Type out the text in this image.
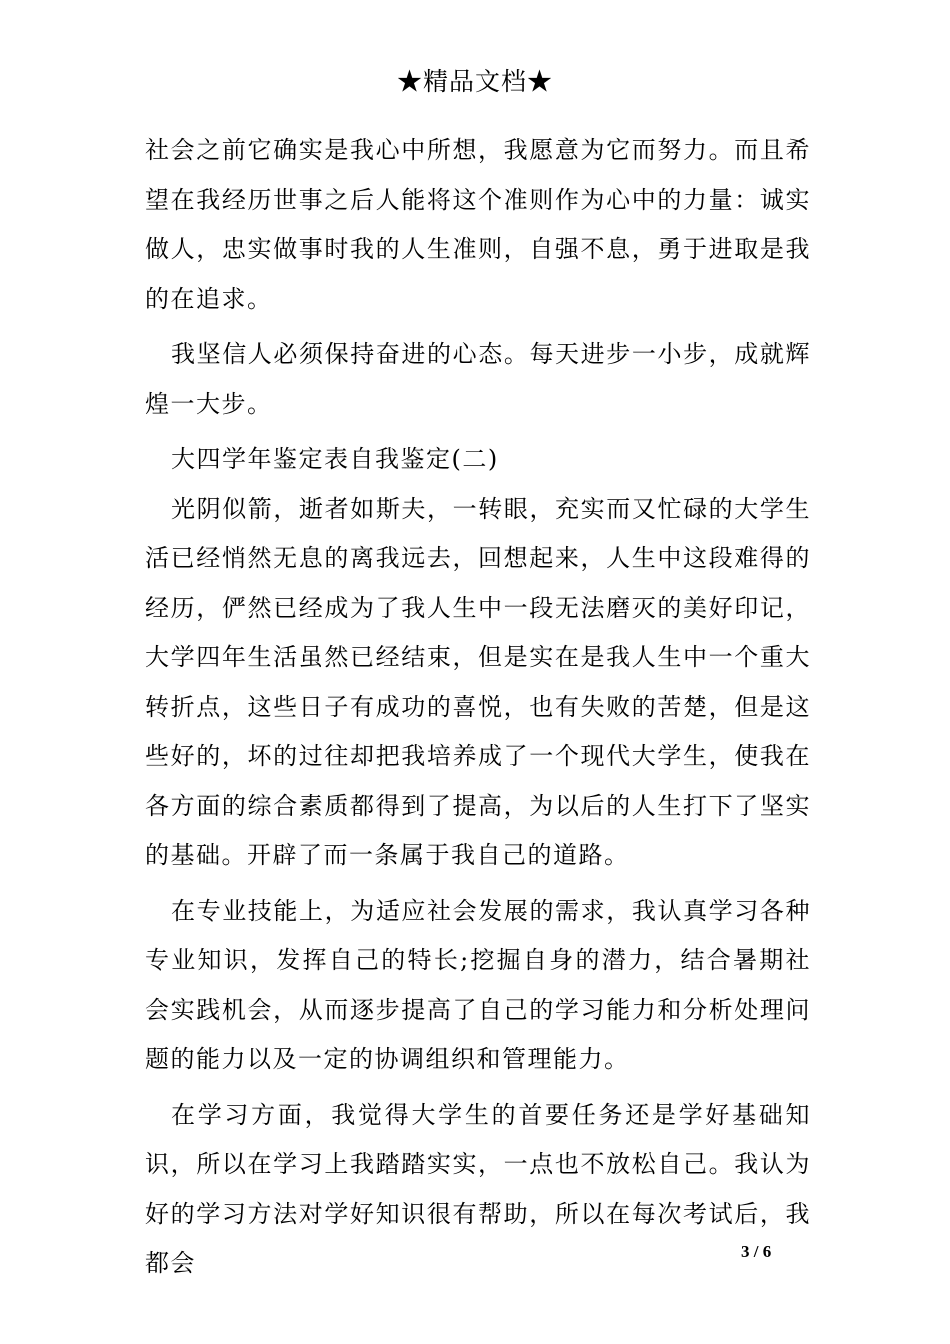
★精品文档★

社会之前它确实是我心中所想，我愿意为它而努力。而且希望在我经历世事之后人能将这个准则作为心中的力量：诚实做人，忠实做事时我的人生准则，自强不息，勇于进取是我的在追求。

我坚信人必须保持奋进的心态。每天进步一小步，成就辉煌一大步。

大四学年鉴定表自我鉴定(二)

光阴似箭，逝者如斯夫，一转眼，充实而又忙碌的大学生活已经悄然无息的离我远去，回想起来，人生中这段难得的经历，俨然已经成为了我人生中一段无法磨灭的美好印记，大学四年生活虽然已经结束，但是实在是我人生中一个重大转折点，这些日子有成功的喜悦，也有失败的苦楚，但是这些好的，坏的过往却把我培养成了一个现代大学生，使我在各方面的综合素质都得到了提高，为以后的人生打下了坚实的基础。开辟了而一条属于我自己的道路。

在专业技能上，为适应社会发展的需求，我认真学习各种专业知识，发挥自己的特长;挖掘自身的潜力，结合暑期社会实践机会，从而逐步提高了自己的学习能力和分析处理问题的能力以及一定的协调组织和管理能力。

在学习方面，我觉得大学生的首要任务还是学好基础知识，所以在学习上我踏踏实实，一点也不放松自己。我认为好的学习方法对学好知识很有帮助，所以在每次考试后，我都会	3 / 6
